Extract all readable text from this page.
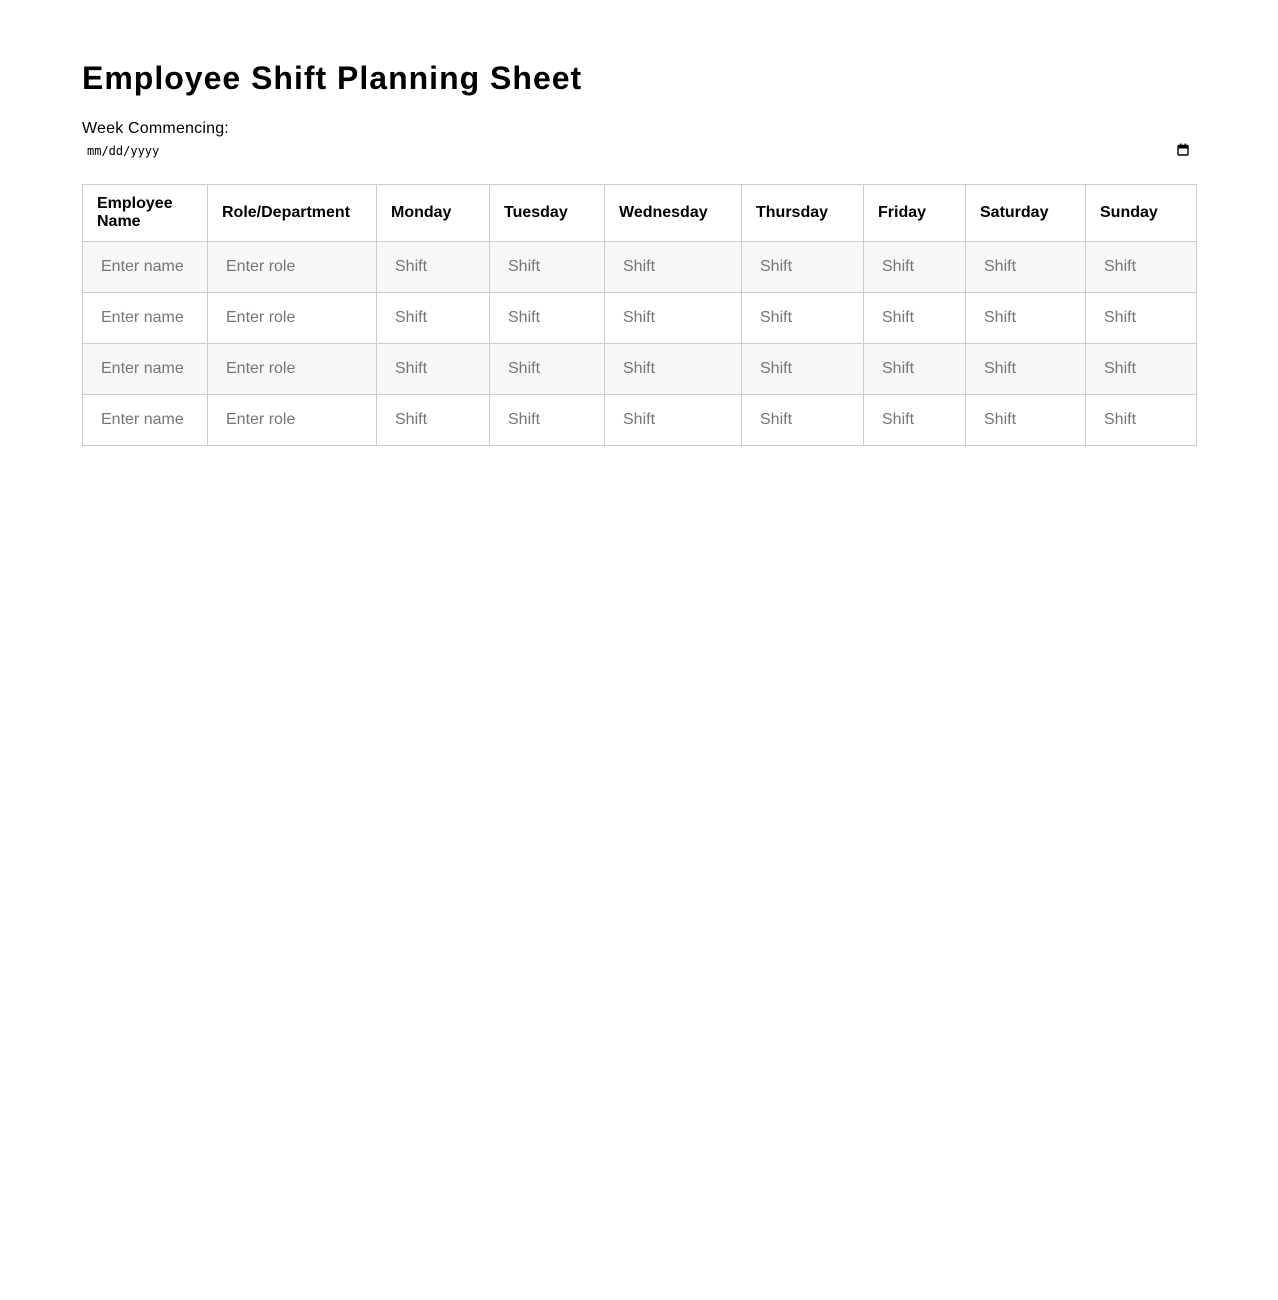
Employee Shift Planning Sheet
Week Commencing:
mm/dd/yyyy
Employee Name	Role/Department	Monday	Tuesday	Wednesday	Thursday	Friday	Saturday	Sunday

Enter name	
Enter role	
Shift	
Shift	
Shift	
Shift	
Shift	
Shift	
Shift

Enter name	
Enter role	
Shift	
Shift	
Shift	
Shift	
Shift	
Shift	
Shift

Enter name	
Enter role	
Shift	
Shift	
Shift	
Shift	
Shift	
Shift	
Shift

Enter name	
Enter role	
Shift	
Shift	
Shift	
Shift	
Shift	
Shift	
Shift
